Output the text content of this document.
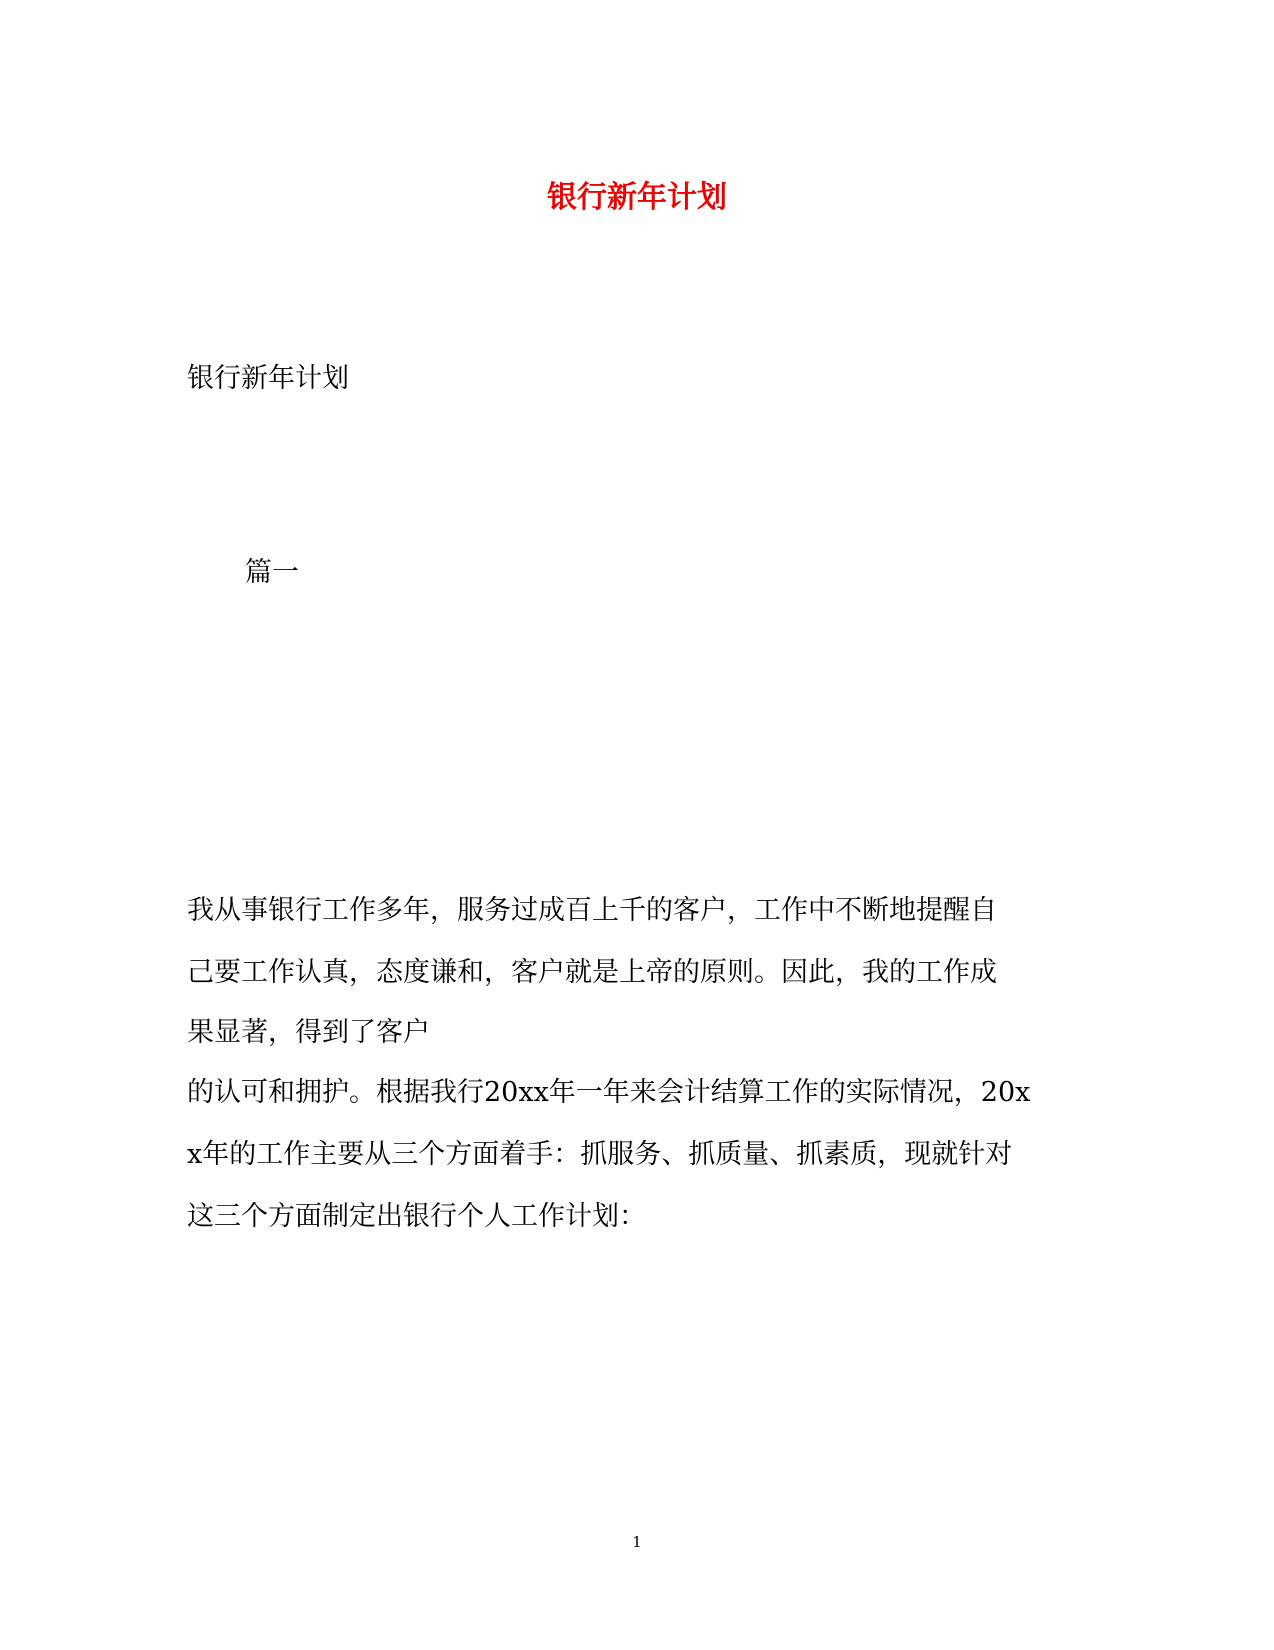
银行新年计划
银行新年计划
篇一
我从事银行工作多年，服务过成百上千的客户，工作中不断地提醒自
己要工作认真，态度谦和，客户就是上帝的原则。因此，我的工作成
果显著，得到了客户
的认可和拥护。根据我行20xx年一年来会计结算工作的实际情况，20x
x年的工作主要从三个方面着手：抓服务、抓质量、抓素质，现就针对
这三个方面制定出银行个人工作计划：
1
